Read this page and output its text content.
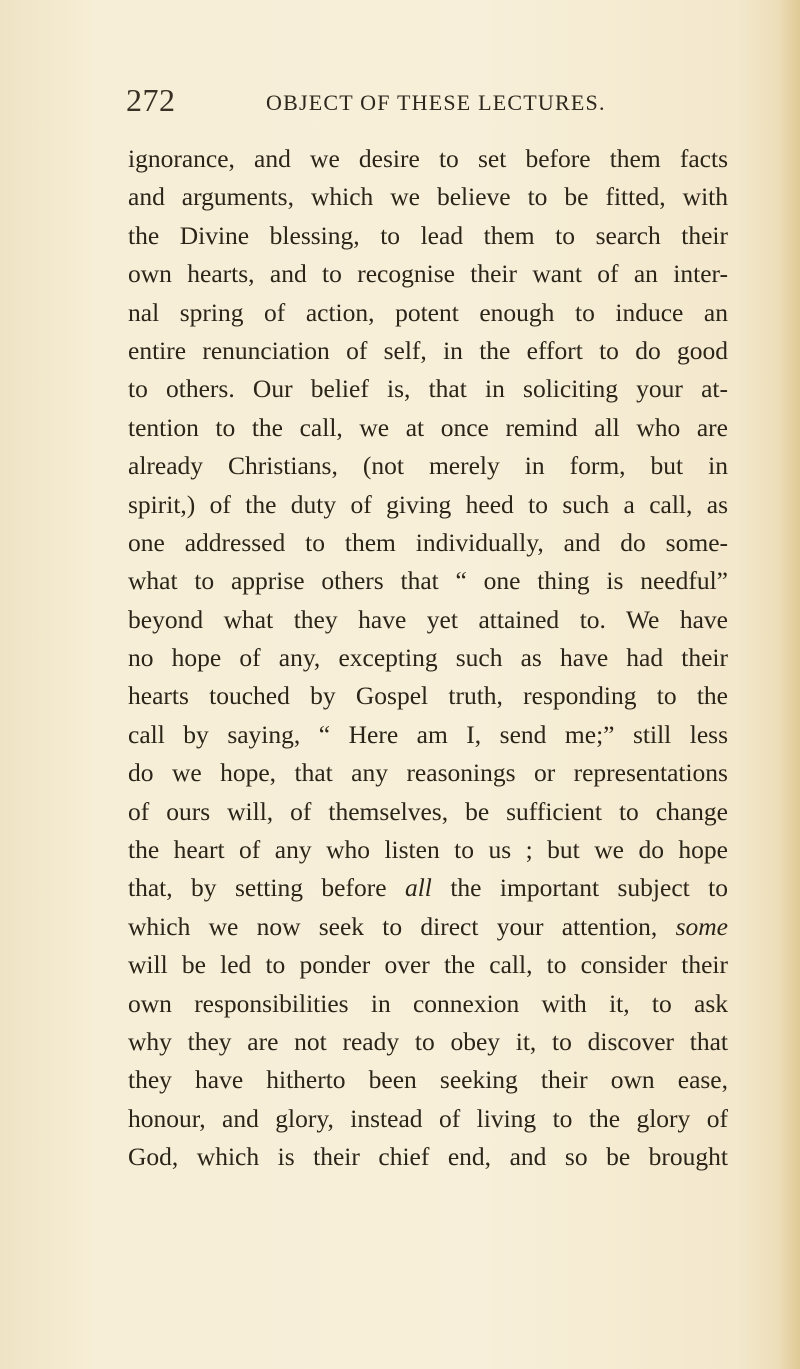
272	OBJECT OF THESE LECTURES.
ignorance, and we desire to set before them facts
and arguments, which we believe to be fitted, with
the Divine blessing, to lead them to search their
own hearts, and to recognise their want of an inter-
nal spring of action, potent enough to induce an
entire renunciation of self, in the effort to do good
to others. Our belief is, that in soliciting your at-
tention to the call, we at once remind all who are
already Christians, (not merely in form, but in
spirit,) of the duty of giving heed to such a call, as
one addressed to them individually, and do some-
what to apprise others that “ one thing is needful”
beyond what they have yet attained to. We have
no hope of any, excepting such as have had their
hearts touched by Gospel truth, responding to the
call by saying, “ Here am I, send me;” still less
do we hope, that any reasonings or representations
of ours will, of themselves, be sufficient to change
the heart of any who listen to us ; but we do hope
that, by setting before all the important subject to
which we now seek to direct your attention, some
will be led to ponder over the call, to consider their
own responsibilities in connexion with it, to ask
why they are not ready to obey it, to discover that
they have hitherto been seeking their own ease,
honour, and glory, instead of living to the glory of
God, which is their chief end, and so be brought
